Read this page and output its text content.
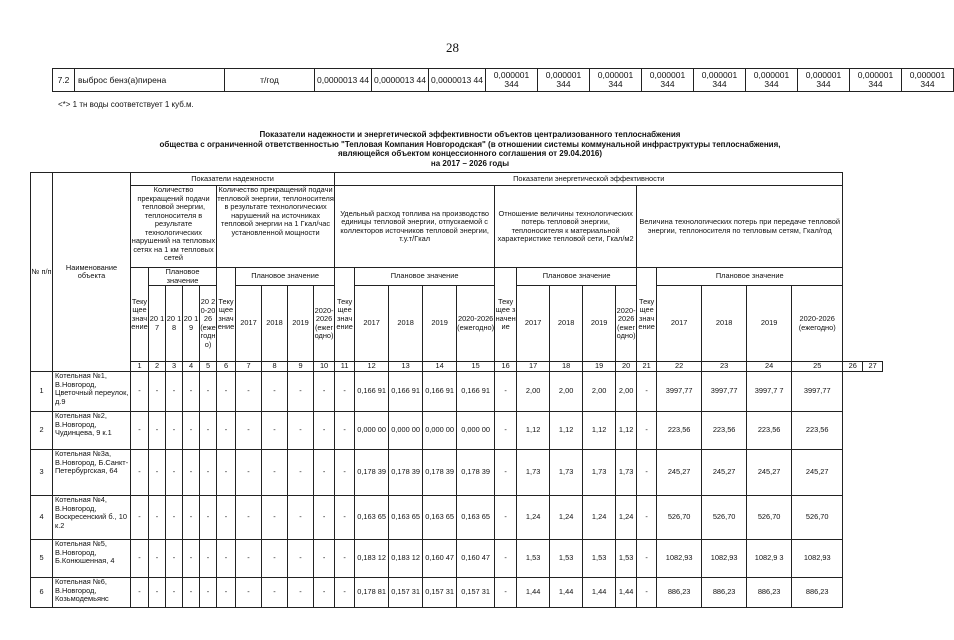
28
7.2	выброс бенз(а)пирена	т/год	0,0000013 44	0,0000013 44	0,0000013 44	0,000001 344	0,000001 344	0,000001 344	0,000001 344	0,000001 344	0,000001 344	0,000001 344	0,000001 344	0,000001 344
<*> 1 тн воды соответствует 1 куб.м.
Показатели надежности и энергетической эффективности объектов централизованного теплоснабжения
общества с ограниченной ответственностью "Тепловая Компания Новгородская" (в отношении системы коммунальной инфраструктуры теплоснабжения,
являющейся объектом концессионного соглашения от 29.04.2016)
на 2017 – 2026 годы
№ п/п	Наименование объекта	Показатели надежности										Показатели энергетической эффективности																
		Количество прекращений подачи тепловой энергии, теплоносителя в результате технологических нарушений на тепловых сетях на 1 км тепловых сетей					Количество прекращений подачи тепловой энергии, теплоносителя в результате технологических нарушений на источниках тепловой энергии на 1 Гкал/час установленной мощности					Удельный расход топлива на производство единицы тепловой энергии, отпускаемой с коллекторов источников тепловой энергии, т.у.т/Гкал					Отношение величины технологических потерь тепловой энергии, теплоносителя к материальной характеристике тепловой сети, Гкал/м2					Величина технологических потерь при передаче тепловой энергии, теплоносителя по тепловым сетям, Гкал/год						
		Текущее значение	Плановое значение				Текущее значение	Плановое значение				Текущее значение	Плановое значение				Текущее значение	Плановое значение				Текущее значение	Плановое значение					
			20 17	20 18	20 19	20 20-20 26 (ежегодно)		2017	2018	2019	2020-2026 (ежегодно)		2017	2018	2019	2020-2026 (ежегодно)		2017	2018	2019	2020-2026 (ежегодно)		2017	2018	2019	2020-2026 (ежегодно)		
		1	2	3	4	5	6	7	8	9	10	11	12	13	14	15	16	17	18	19	20	21	22	23	24	25	26	27
1	Котельная №1, В.Новгород, Цветочный переулок, д.9	-	-	-	-	-	-	-	-	-	-	-	0,166 91	0,166 91	0,166 91	0,166 91	-	2,00	2,00	2,00	2,00	-	3997,77	3997,77	3997,7 7	3997,77		
2	Котельная №2, В.Новгород, Чудинцева, 9 к.1	-	-	-	-	-	-	-	-	-	-	-	0,000 00	0,000 00	0,000 00	0,000 00	-	1,12	1,12	1,12	1,12	-	223,56	223,56	223,56	223,56		
3	Котельная №3а, В.Новгород, Б.Санкт-Петербургская, 64	-	-	-	-	-	-	-	-	-	-	-	0,178 39	0,178 39	0,178 39	0,178 39	-	1,73	1,73	1,73	1,73	-	245,27	245,27	245,27	245,27		
4	Котельная №4, В.Новгород, Воскресенский б., 10 к.2	-	-	-	-	-	-	-	-	-	-	-	0,163 65	0,163 65	0,163 65	0,163 65	-	1,24	1,24	1,24	1,24	-	526,70	526,70	526,70	526,70		
5	Котельная №5, В.Новгород, Б.Конюшенная, 4	-	-	-	-	-	-	-	-	-	-	-	0,183 12	0,183 12	0,160 47	0,160 47	-	1,53	1,53	1,53	1,53	-	1082,93	1082,93	1082,9 3	1082,93		
6	Котельная №6, В.Новгород, Козьмодемьянс	-	-	-	-	-	-	-	-	-	-	-	0,178 81	0,157 31	0,157 31	0,157 31	-	1,44	1,44	1,44	1,44	-	886,23	886,23	886,23	886,23		
